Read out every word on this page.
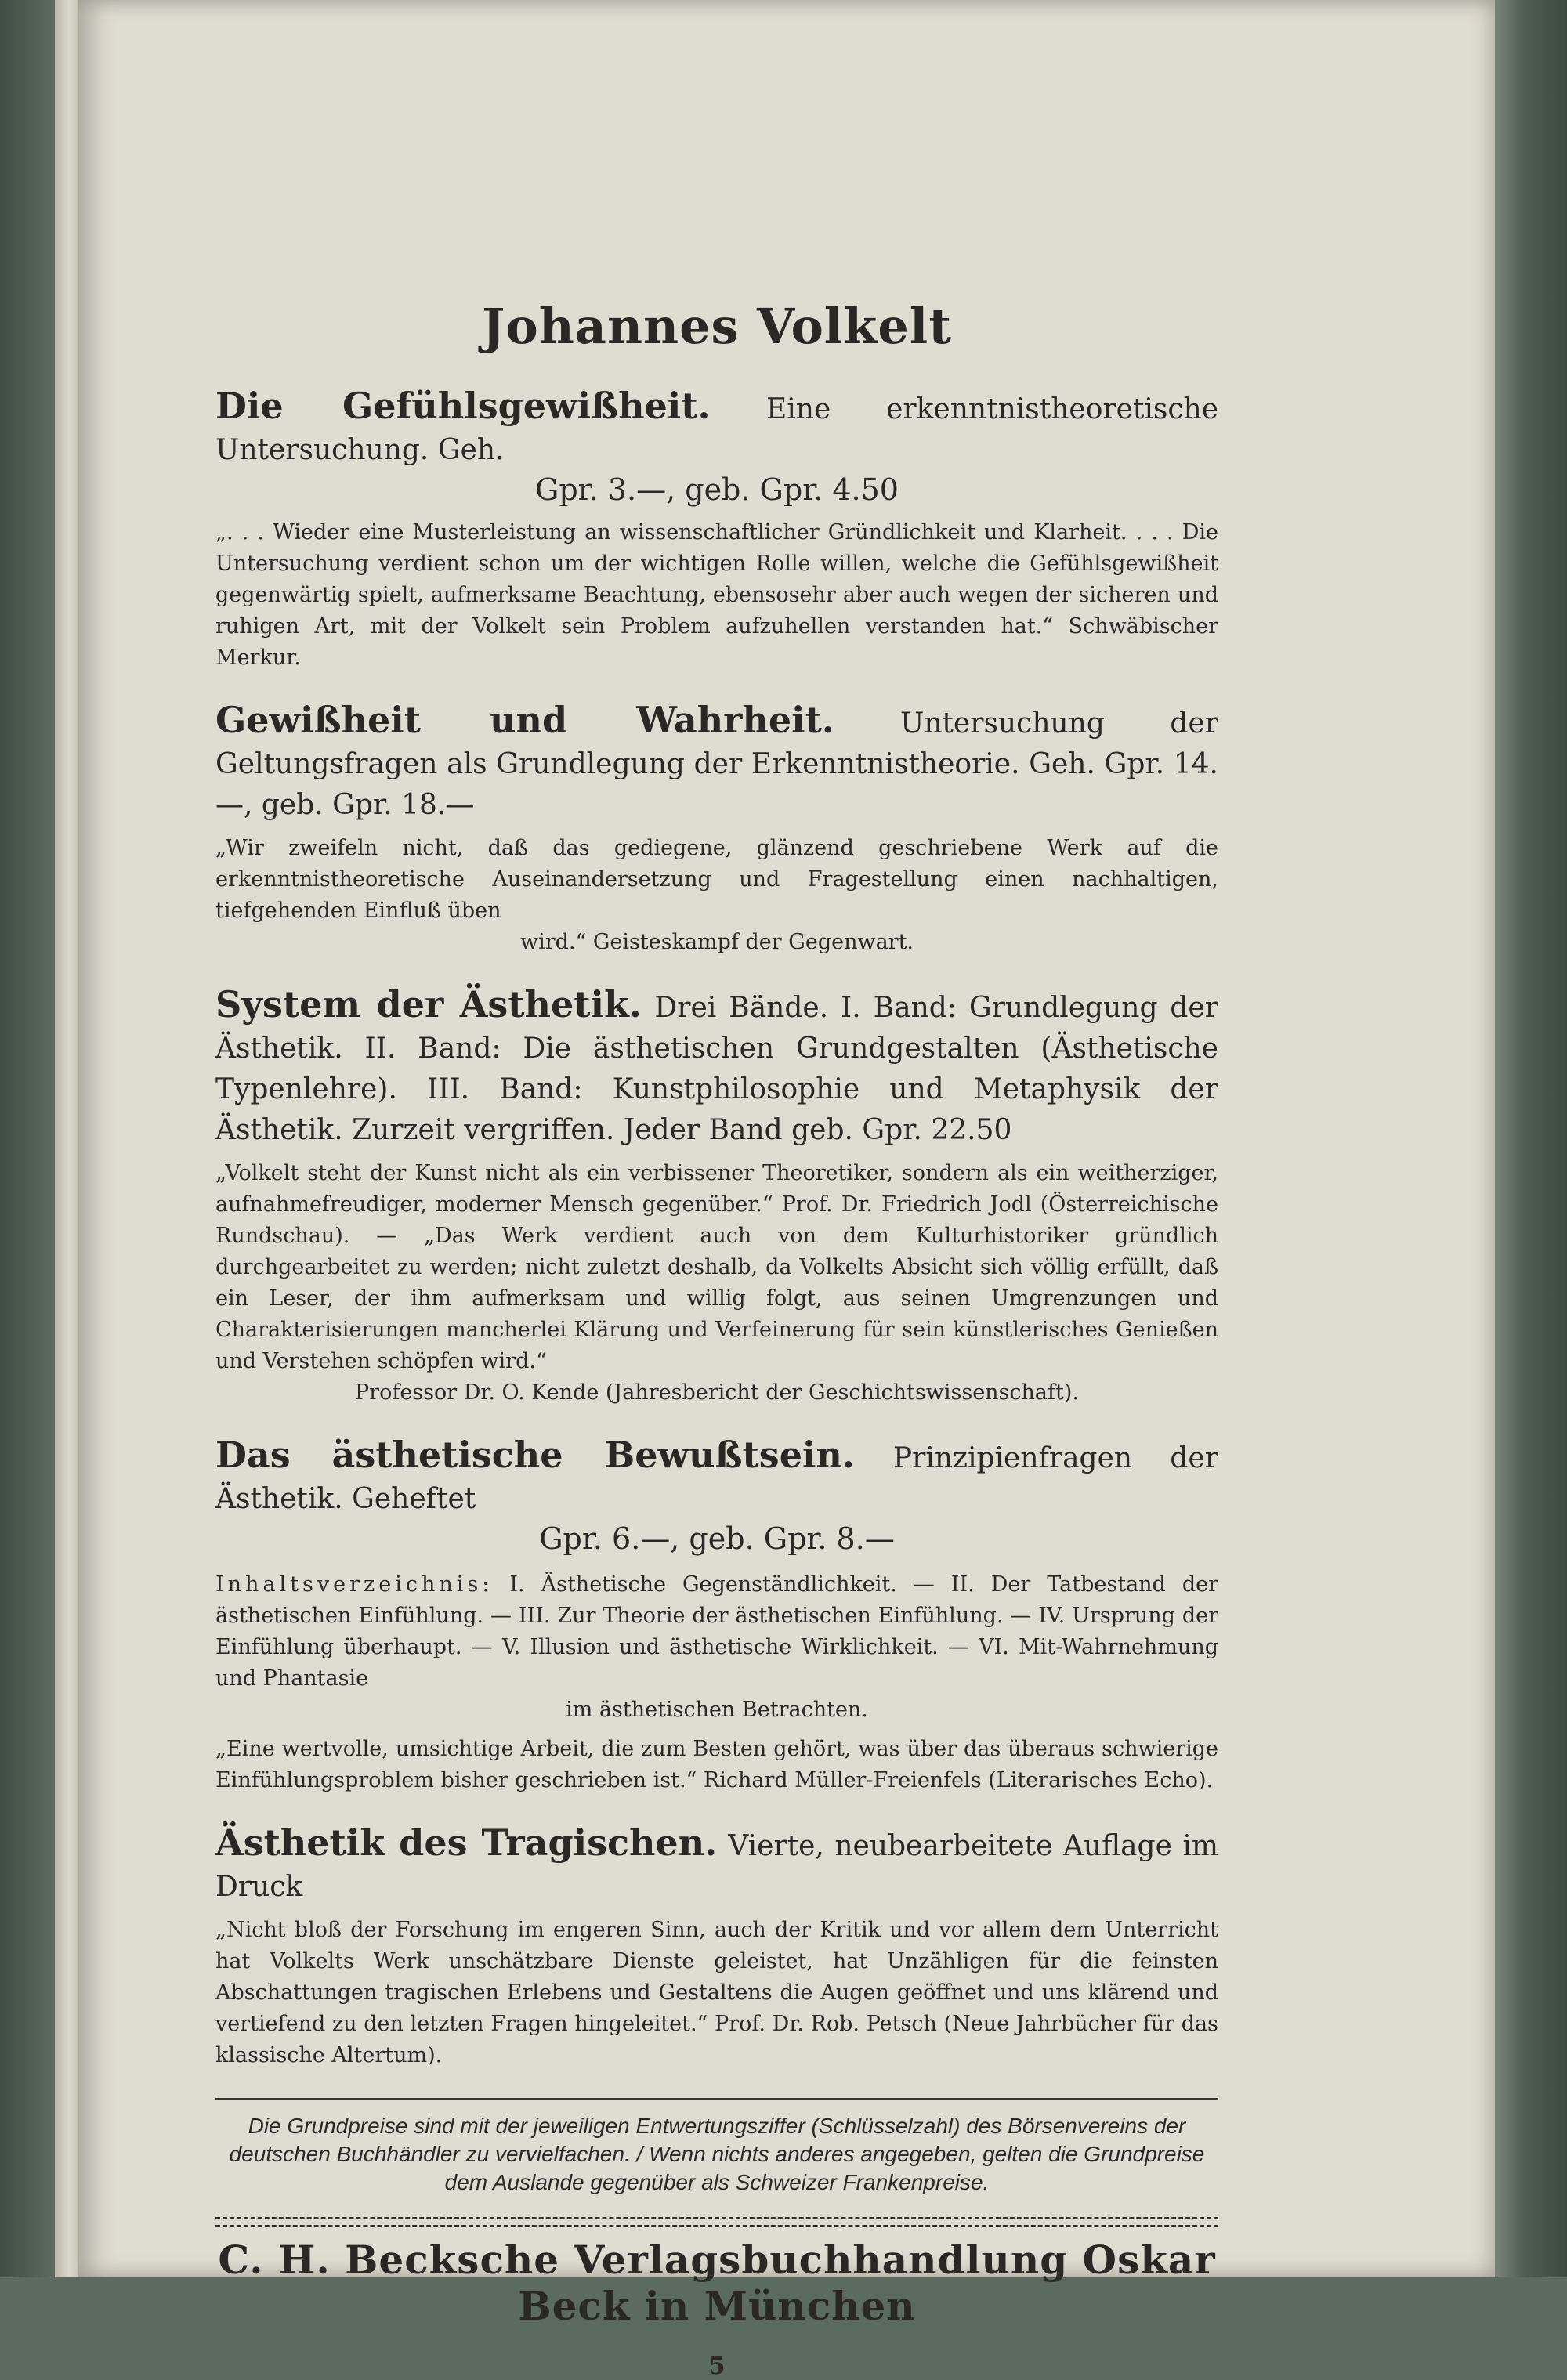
Johannes Volkelt
Die Gefühlsgewißheit. Eine erkenntnistheoretische Untersuchung. Geh.
Gpr. 3.—, geb. Gpr. 4.50
„. . . Wieder eine Musterleistung an wissenschaftlicher Gründlichkeit und Klarheit. . . . Die Untersuchung verdient schon um der wichtigen Rolle willen, welche die Gefühlsgewißheit gegenwärtig spielt, aufmerksame Beachtung, ebensosehr aber auch wegen der sicheren und ruhigen Art, mit der Volkelt sein Problem aufzuhellen verstanden hat.“ Schwäbischer Merkur.
Gewißheit und Wahrheit. Untersuchung der Geltungsfragen als Grundlegung der Erkenntnistheorie. Geh. Gpr. 14.—, geb. Gpr. 18.—
„Wir zweifeln nicht, daß das gediegene, glänzend geschriebene Werk auf die erkenntnistheoretische Auseinandersetzung und Fragestellung einen nachhaltigen, tiefgehenden Einfluß üben
wird.“ Geisteskampf der Gegenwart.
System der Ästhetik. Drei Bände. I. Band: Grundlegung der Ästhetik. II. Band: Die ästhetischen Grundgestalten (Ästhetische Typenlehre). III. Band: Kunstphilosophie und Metaphysik der Ästhetik. Zurzeit vergriffen. Jeder Band geb. Gpr. 22.50
„Volkelt steht der Kunst nicht als ein verbissener Theoretiker, sondern als ein weitherziger, aufnahmefreudiger, moderner Mensch gegenüber.“ Prof. Dr. Friedrich Jodl (Österreichische Rundschau). — „Das Werk verdient auch von dem Kulturhistoriker gründlich durchgearbeitet zu werden; nicht zuletzt deshalb, da Volkelts Absicht sich völlig erfüllt, daß ein Leser, der ihm aufmerksam und willig folgt, aus seinen Umgrenzungen und Charakterisierungen mancherlei Klärung und Verfeinerung für sein künstlerisches Genießen und Verstehen schöpfen wird.“
Professor Dr. O. Kende (Jahresbericht der Geschichtswissenschaft).
Das ästhetische Bewußtsein. Prinzipienfragen der Ästhetik. Geheftet
Gpr. 6.—, geb. Gpr. 8.—
Inhaltsverzeichnis: I. Ästhetische Gegenständlichkeit. — II. Der Tatbestand der ästhetischen Einfühlung. — III. Zur Theorie der ästhetischen Einfühlung. — IV. Ursprung der Einfühlung überhaupt. — V. Illusion und ästhetische Wirklichkeit. — VI. Mit-Wahrnehmung und Phantasie
im ästhetischen Betrachten.
„Eine wertvolle, umsichtige Arbeit, die zum Besten gehört, was über das überaus schwierige Einfühlungsproblem bisher geschrieben ist.“ Richard Müller-Freienfels (Literarisches Echo).
Ästhetik des Tragischen. Vierte, neubearbeitete Auflage im Druck
„Nicht bloß der Forschung im engeren Sinn, auch der Kritik und vor allem dem Unterricht hat Volkelts Werk unschätzbare Dienste geleistet, hat Unzähligen für die feinsten Abschattungen tragischen Erlebens und Gestaltens die Augen geöffnet und uns klärend und vertiefend zu den letzten Fragen hingeleitet.“ Prof. Dr. Rob. Petsch (Neue Jahrbücher für das klassische Altertum).
Die Grundpreise sind mit der jeweiligen Entwertungsziffer (Schlüsselzahl) des Börsenvereins der deutschen Buchhändler zu vervielfachen. / Wenn nichts anderes angegeben, gelten die Grundpreise dem Auslande gegenüber als Schweizer Frankenpreise.
C. H. Becksche Verlagsbuchhandlung Oskar Beck in München
5
